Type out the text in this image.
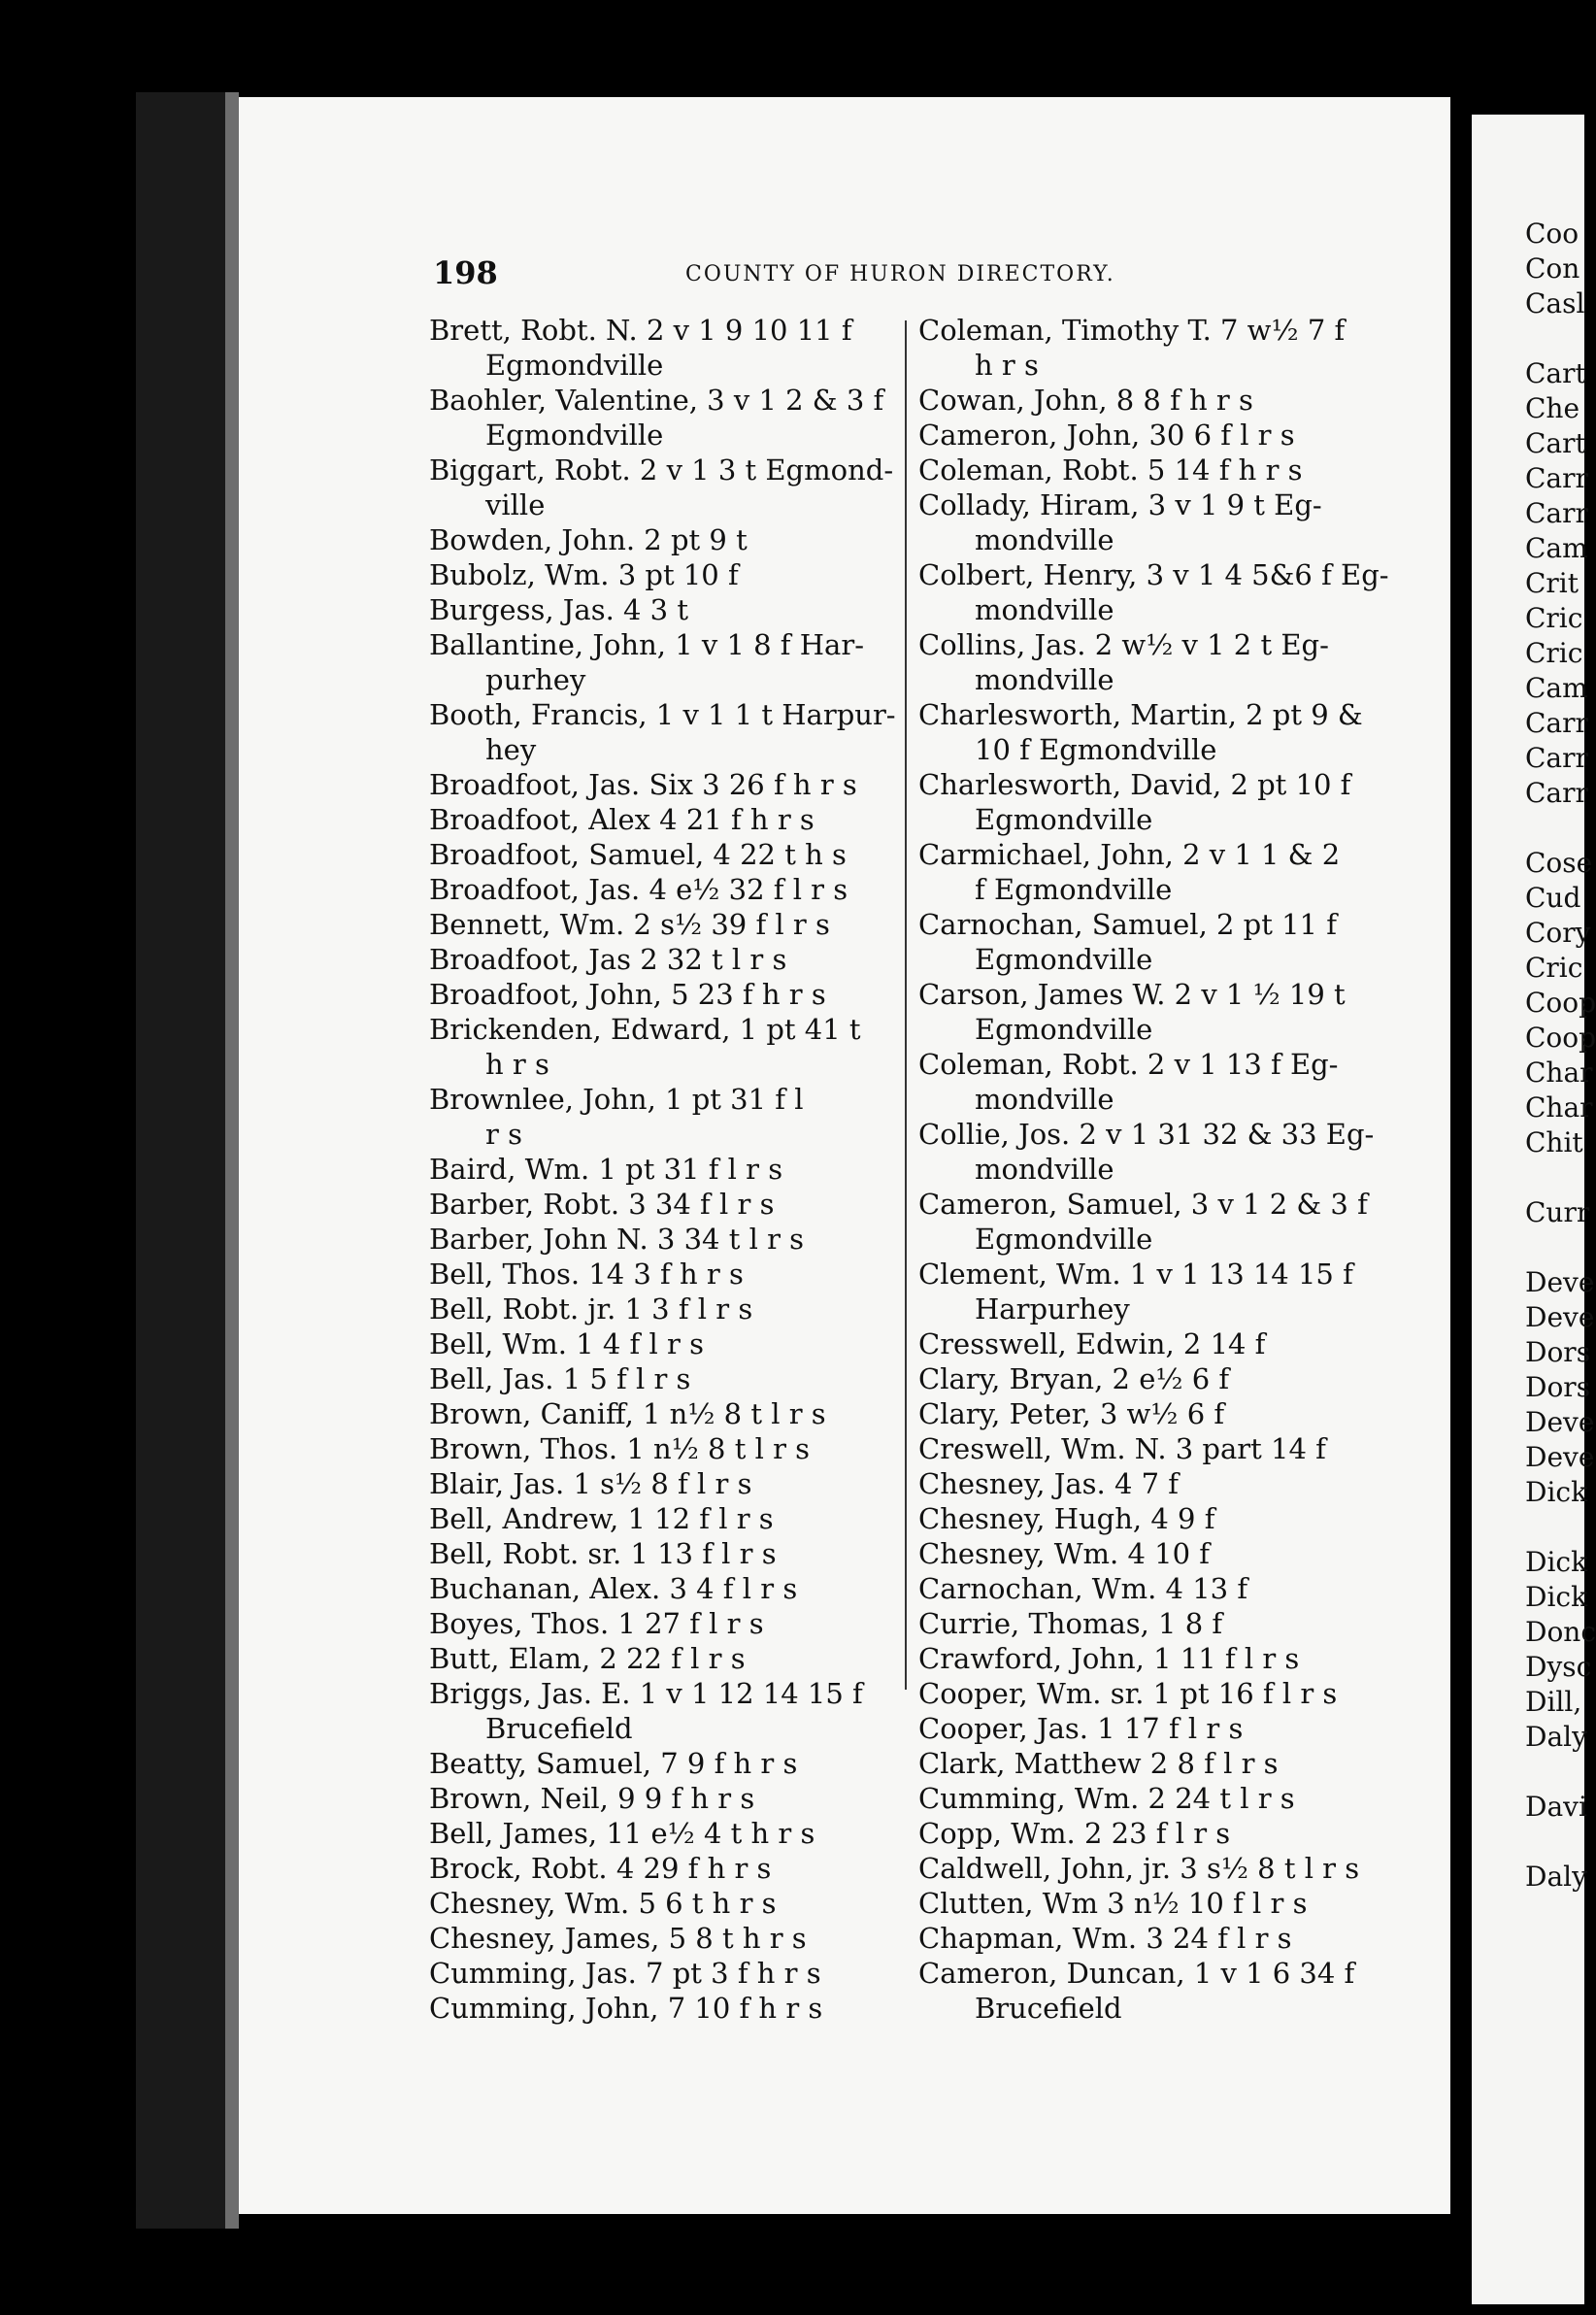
198	COUNTY OF HURON DIRECTORY.

Brett, Robt. N. 2 v 1 9 10 11 f

Egmondville

Baohler, Valentine, 3 v 1 2 & 3 f

Egmondville

Biggart, Robt. 2 v 1 3 t Egmond-

ville

Bowden, John. 2 pt 9 t

Bubolz, Wm. 3 pt 10 f

Burgess, Jas. 4 3 t

Ballantine, John, 1 v 1 8 f Har-

purhey

Booth, Francis, 1 v 1 1 t Harpur-

hey

Broadfoot, Jas. Six 3 26 f h r s

Broadfoot, Alex 4 21 f h r s

Broadfoot, Samuel, 4 22 t h s

Broadfoot, Jas. 4 e½ 32 f l r s

Bennett, Wm. 2 s½ 39 f l r s

Broadfoot, Jas 2 32 t l r s

Broadfoot, John, 5 23 f h r s

Brickenden, Edward, 1 pt 41 t

h r s

Brownlee, John, 1 pt 31 f l

r s

Baird, Wm. 1 pt 31 f l r s

Barber, Robt. 3 34 f l r s

Barber, John N. 3 34 t l r s

Bell, Thos. 14 3 f h r s

Bell, Robt. jr. 1 3 f l r s

Bell, Wm. 1 4 f l r s

Bell, Jas. 1 5 f l r s

Brown, Caniff, 1 n½ 8 t l r s

Brown, Thos. 1 n½ 8 t l r s

Blair, Jas. 1 s½ 8 f l r s

Bell, Andrew, 1 12 f l r s

Bell, Robt. sr. 1 13 f l r s

Buchanan, Alex. 3 4 f l r s

Boyes, Thos. 1 27 f l r s

Butt, Elam, 2 22 f l r s

Briggs, Jas. E. 1 v 1 12 14 15 f

Brucefield

Beatty, Samuel, 7 9 f h r s

Brown, Neil, 9 9 f h r s

Bell, James, 11 e½ 4 t h r s

Brock, Robt. 4 29 f h r s

Chesney, Wm. 5 6 t h r s

Chesney, James, 5 8 t h r s

Cumming, Jas. 7 pt 3 f h r s

Cumming, John, 7 10 f h r s

Coleman, Timothy T. 7 w½ 7 f

h r s

Cowan, John, 8 8 f h r s

Cameron, John, 30 6 f l r s

Coleman, Robt. 5 14 f h r s

Collady, Hiram, 3 v 1 9 t Eg-

mondville

Colbert, Henry, 3 v 1 4 5&6 f Eg-

mondville

Collins, Jas. 2 w½ v 1 2 t Eg-

mondville

Charlesworth, Martin, 2 pt 9 &

10 f Egmondville

Charlesworth, David, 2 pt 10 f

Egmondville

Carmichael, John, 2 v 1 1 & 2

f Egmondville

Carnochan, Samuel, 2 pt 11 f

Egmondville

Carson, James W. 2 v 1 ½ 19 t

Egmondville

Coleman, Robt. 2 v 1 13 f Eg-

mondville

Collie, Jos. 2 v 1 31 32 & 33 Eg-

mondville

Cameron, Samuel, 3 v 1 2 & 3 f

Egmondville

Clement, Wm. 1 v 1 13 14 15 f

Harpurhey

Cresswell, Edwin, 2 14 f

Clary, Bryan, 2 e½ 6 f

Clary, Peter, 3 w½ 6 f

Creswell, Wm. N. 3 part 14 f

Chesney, Jas. 4 7 f

Chesney, Hugh, 4 9 f

Chesney, Wm. 4 10 f

Carnochan, Wm. 4 13 f

Currie, Thomas, 1 8 f

Crawford, John, 1 11 f l r s

Cooper, Wm. sr. 1 pt 16 f l r s

Cooper, Jas. 1 17 f l r s

Clark, Matthew 2 8 f l r s

Cumming, Wm. 2 24 t l r s

Copp, Wm. 2 23 f l r s

Caldwell, John, jr. 3 s½ 8 t l r s

Clutten, Wm 3 n½ 10 f l r s

Chapman, Wm. 3 24 f l r s

Cameron, Duncan, 1 v 1 6 34 f

Brucefield

Coo
Con
Casl
Cart
Che
Cart
Carr
Carr
Cam
Crit
Cric
Cric
Cam
Carr
Carr
Carr
Cose
Cud
Cory
Cric
Coop
Coop
Char
Char
Chit
Curr
Deve
Deve
Dors
Dors
Deve
Deve
Dick
Dick
Dick
Donc
Dysc
Dill,
Daly
Davi
Daly
